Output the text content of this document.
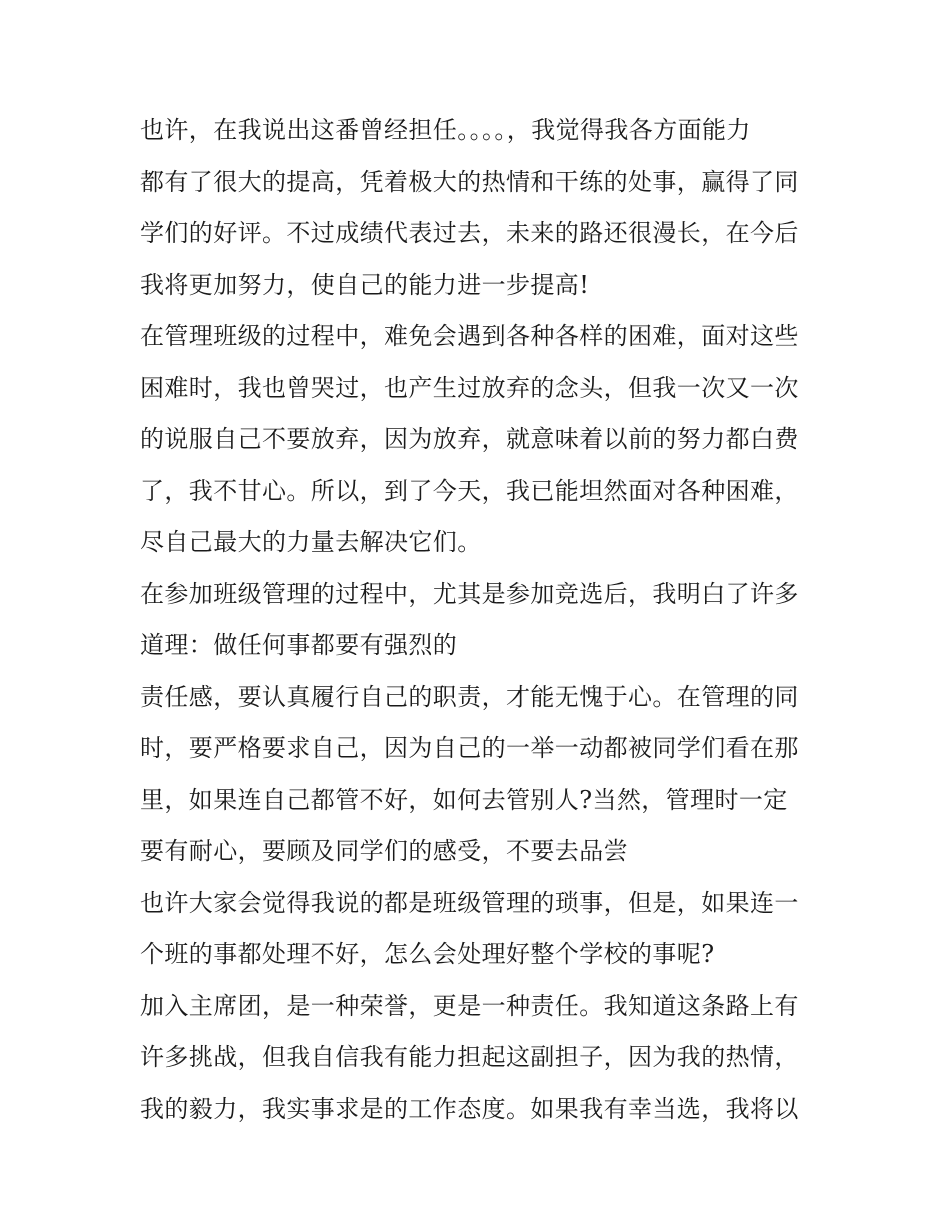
也许，在我说出这番曾经担任。。。。，我觉得我各方面能力
都有了很大的提高，凭着极大的热情和干练的处事，赢得了同
学们的好评。不过成绩代表过去，未来的路还很漫长，在今后
我将更加努力，使自己的能力进一步提高!
在管理班级的过程中，难免会遇到各种各样的困难，面对这些
困难时，我也曾哭过，也产生过放弃的念头，但我一次又一次
的说服自己不要放弃，因为放弃，就意味着以前的努力都白费
了，我不甘心。所以，到了今天，我已能坦然面对各种困难，
尽自己最大的力量去解决它们。
在参加班级管理的过程中，尤其是参加竞选后，我明白了许多
道理：做任何事都要有强烈的
责任感，要认真履行自己的职责，才能无愧于心。在管理的同
时，要严格要求自己，因为自己的一举一动都被同学们看在那
里，如果连自己都管不好，如何去管别人?当然，管理时一定
要有耐心，要顾及同学们的感受，不要去品尝
也许大家会觉得我说的都是班级管理的琐事，但是，如果连一
个班的事都处理不好，怎么会处理好整个学校的事呢?
加入主席团，是一种荣誉，更是一种责任。我知道这条路上有
许多挑战，但我自信我有能力担起这副担子，因为我的热情，
我的毅力，我实事求是的工作态度。如果我有幸当选，我将以
